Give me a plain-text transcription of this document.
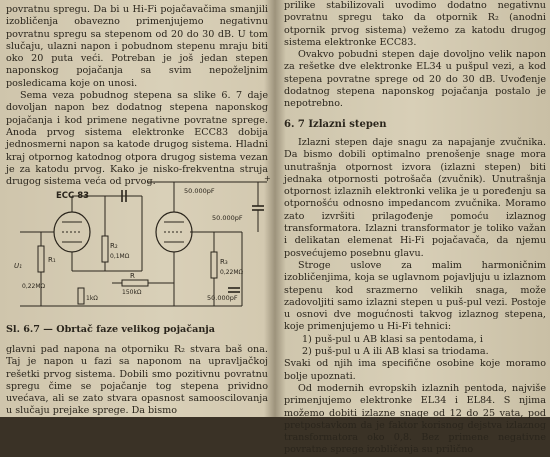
povratnu spregu. Da bi u Hi-Fi pojačavačima smanjili izobličenja obavezno primenjujemo negativnu povratnu spregu sa stepenom od 20 do 30 dB. U tom slučaju, ulazni napon i pobudnom stepenu mraju biti oko 20 puta veći. Potreban je još jedan stepen naponskog pojačanja sa svim nepoželjnim posledicama koje on unosi.

Sema veza pobudnog stepena sa slike 6. 7 daje dovoljan napon bez dodatnog stepena naponskog pojačanja i kod primene negativne povratne sprege. Anoda prvog sistema elektronke ECC83 dobija jednosmerni napon sa katode drugog sistema. Hladni kraj otpornog katodnog otpora drugog sistema vezan je za katodu prvog. Kako je nisko-frekventna struja drugog sistema veća od prvog.	+
ECC 83	50.000pF
50.000pF
50.000pF
U₁
R₁
R₂
R₃
R
0,22MΩ
0,1MΩ
0,22MΩ
150kΩ
1kΩ

Sl. 6.7 — Obrtač faze velikog pojačanja

glavni pad napona na otporniku R₂ stvara baš ona. Taj je napon u fazi sa naponom na upravljačkoj rešetki prvog sistema. Dobili smo pozitivnu povratnu spregu čime se pojačanje tog stepena prividno uvećava, ali se zato stvara opasnost samooscilovanja u slučaju prejake sprege. Da bismo

prilike stabilizovali uvodimo dodatno negativnu povratnu spregu tako da otpornik R₂ (anodni otpornik prvog sistema) vežemo za katodu drugog sistema elektronke ECC83.

Ovakvo pobudni stepen daje dovoljno velik napon za rešetke dve elektronke EL34 u pušpul vezi, a kod stepena povratne sprege od 20 do 30 dB. Uvođenje dodatnog stepena naponskog pojačanja postalo je nepotrebno.

6. 7 Izlazni stepen

Izlazni stepen daje snagu za napajanje zvučnika. Da bismo dobili optimalno prenošenje snage mora unutrašnja otpornost izvora (izlazni stepen) biti jednaka otpornosti potrošača (zvučnik). Unutrašnja otpornost izlaznih elektronki velika je u poređenju sa otpornošću odnosno impedancom zvučnika. Moramo zato izvršiti prilagođenje pomoću izlaznog transformatora. Izlazni transformator je toliko važan i delikatan elemenat Hi-Fi pojačavača, da njemu posvećujemo posebnu glavu.

Stroge uslove za malim harmoničnim izobličenjima, koja se uglavnom pojavljuju u izlaznom stepenu kod srazmerno velikih snaga, može zadovoljiti samo izlazni stepen u puš-pul vezi. Postoje u osnovi dve mogućnosti takvog izlaznog stepena, koje primenjujemo u Hi-Fi tehnici:

1) puš-pul u AB klasi sa pentodama, i

2) puš-pul u A ili AB klasi sa triodama.

Svaki od njih ima specifične osobine koje moramo bolje upoznati.

Od modernih evropskih izlaznih pentoda, najviše primenjujemo elektronke EL34 i EL84. S njima možemo dobiti izlazne snage od 12 do 25 vata, pod pretpostavkom da je faktor korisnog dejstva izlaznog transformatora oko 0,8. Bez primene negativne povratne sprege izobličenja su prilično
